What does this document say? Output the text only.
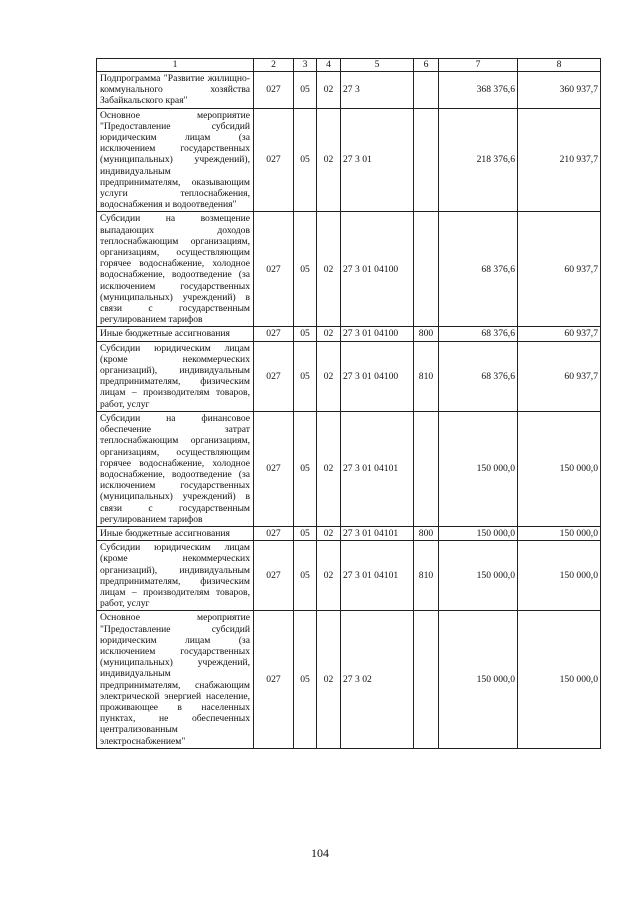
1	2	3	4	5	6	7	8
Подпрограмма "Развитие жилищно-коммунального хозяйства Забайкальского края"	027	05	02	27 3		368 376,6	360 937,7
Основное мероприятие "Предоставление субсидий юридическим лицам (за исключением государственных (муниципальных) учреждений), индивидуальным предпринимателям, оказывающим услуги теплоснабжения, водоснабжения и водоотведения"	027	05	02	27 3 01		218 376,6	210 937,7
Субсидии на возмещение выпадающих доходов теплоснабжающим организациям, организациям, осуществляющим горячее водоснабжение, холодное водоснабжение, водоотведение (за исключением государственных (муниципальных) учреждений) в связи с государственным регулированием тарифов	027	05	02	27 3 01 04100		68 376,6	60 937,7
Иные бюджетные ассигнования	027	05	02	27 3 01 04100	800	68 376,6	60 937,7
Субсидии юридическим лицам (кроме некоммерческих организаций), индивидуальным предпринимателям, физическим лицам – производителям товаров, работ, услуг	027	05	02	27 3 01 04100	810	68 376,6	60 937,7
Субсидии на финансовое обеспечение затрат теплоснабжающим организациям, организациям, осуществляющим горячее водоснабжение, холодное водоснабжение, водоотведение (за исключением государственных (муниципальных) учреждений) в связи с государственным регулированием тарифов	027	05	02	27 3 01 04101		150 000,0	150 000,0
Иные бюджетные ассигнования	027	05	02	27 3 01 04101	800	150 000,0	150 000,0
Субсидии юридическим лицам (кроме некоммерческих организаций), индивидуальным предпринимателям, физическим лицам – производителям товаров, работ, услуг	027	05	02	27 3 01 04101	810	150 000,0	150 000,0
Основное мероприятие "Предоставление субсидий юридическим лицам (за исключением государственных (муниципальных) учреждений, индивидуальным предпринимателям, снабжающим электрической энергией население, проживающее в населенных пунктах, не обеспеченных централизованным электроснабжением"	027	05	02	27 3 02		150 000,0	150 000,0
104
